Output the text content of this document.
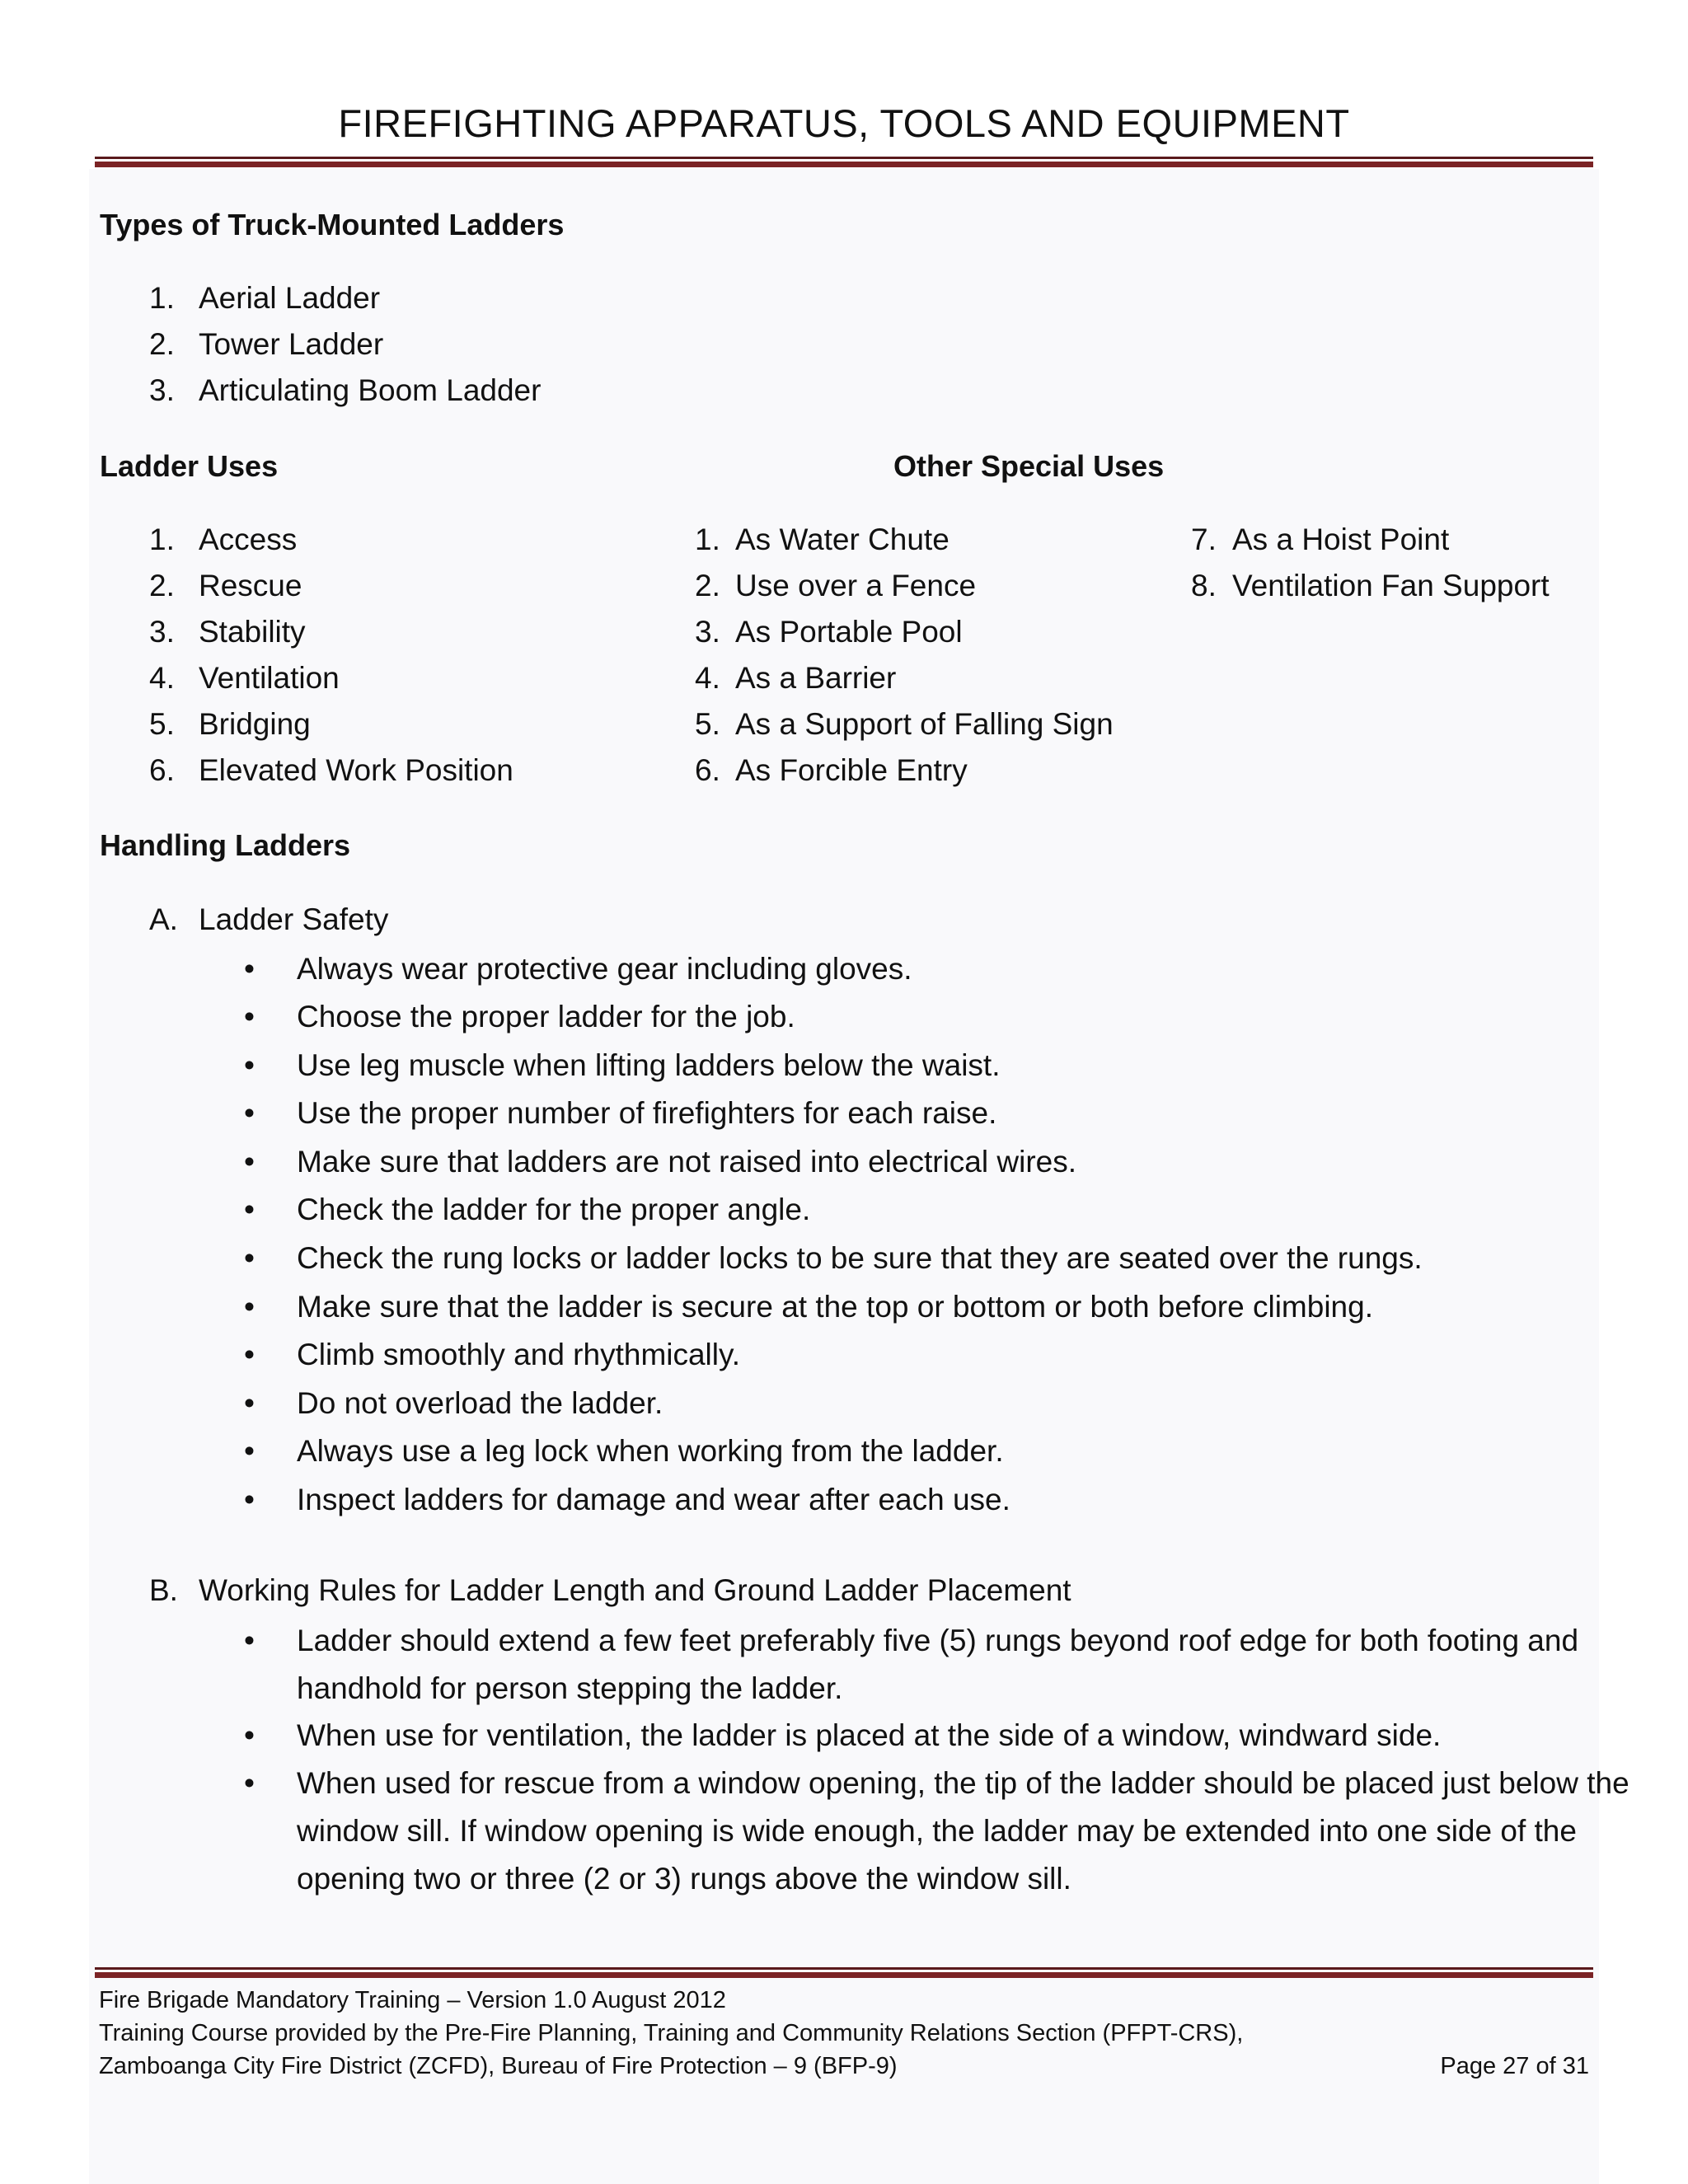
FIREFIGHTING APPARATUS, TOOLS AND EQUIPMENT
Types of Truck-Mounted Ladders
1. Aerial Ladder
2. Tower Ladder
3. Articulating Boom Ladder
Ladder Uses	Other Special Uses
1. Access
2. Rescue
3. Stability
4. Ventilation
5. Bridging
6. Elevated Work Position
1. As Water Chute
2. Use over a Fence
3. As Portable Pool
4. As a Barrier
5. As a Support of Falling Sign
6. As Forcible Entry
7. As a Hoist Point
8. Ventilation Fan Support
Handling Ladders
A. Ladder Safety
• Always wear protective gear including gloves.
• Choose the proper ladder for the job.
• Use leg muscle when lifting ladders below the waist.
• Use the proper number of firefighters for each raise.
• Make sure that ladders are not raised into electrical wires.
• Check the ladder for the proper angle.
• Check the rung locks or ladder locks to be sure that they are seated over the rungs.
• Make sure that the ladder is secure at the top or bottom or both before climbing.
• Climb smoothly and rhythmically.
• Do not overload the ladder.
• Always use a leg lock when working from the ladder.
• Inspect ladders for damage and wear after each use.
B. Working Rules for Ladder Length and Ground Ladder Placement
• Ladder should extend a few feet preferably five (5) rungs beyond roof edge for both footing and handhold for person stepping the ladder.
• When use for ventilation, the ladder is placed at the side of a window, windward side.
• When used for rescue from a window opening, the tip of the ladder should be placed just below the window sill. If window opening is wide enough, the ladder may be extended into one side of the opening two or three (2 or 3) rungs above the window sill.
Fire Brigade Mandatory Training – Version 1.0 August 2012
Training Course provided by the Pre-Fire Planning, Training and Community Relations Section (PFPT-CRS),
Zamboanga City Fire District (ZCFD), Bureau of Fire Protection – 9 (BFP-9)	Page 27 of 31
